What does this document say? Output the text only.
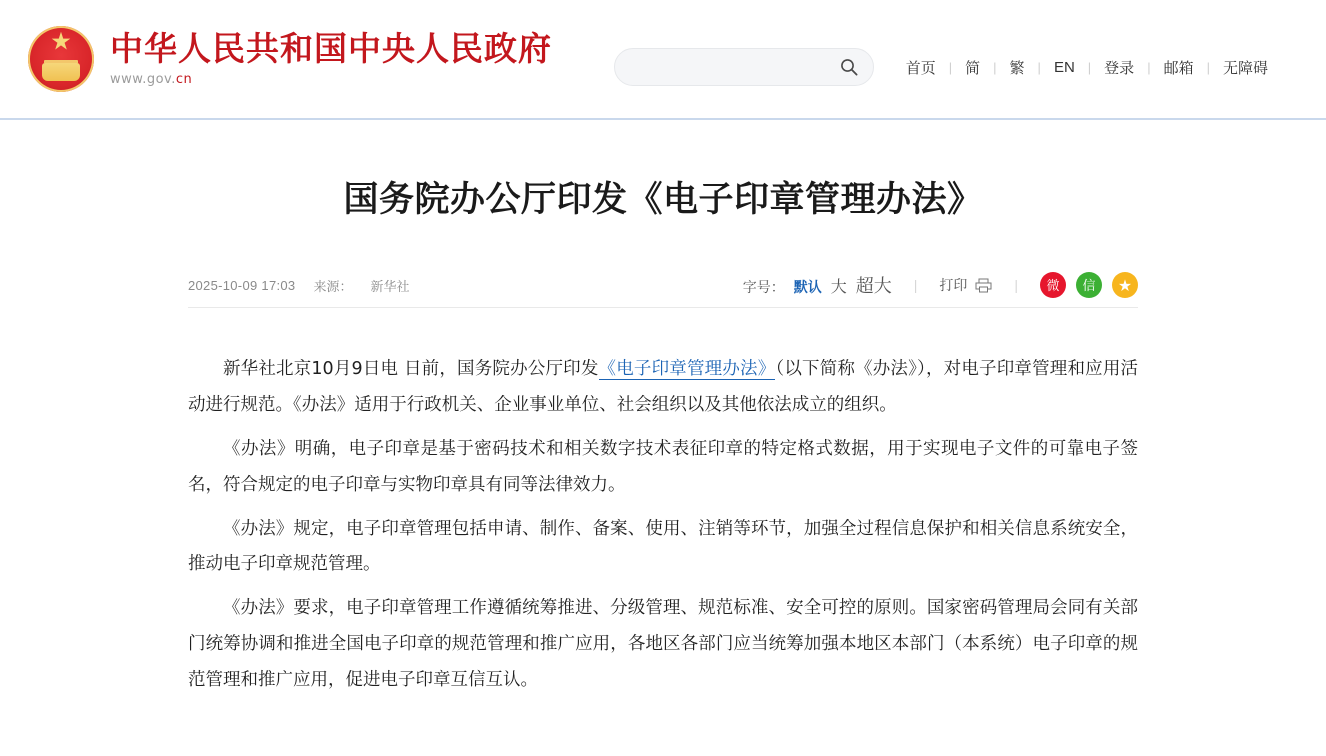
★
中华人民共和国中央人民政府
www.gov.cn
首页 | 简 | 繁 | EN | 登录 | 邮箱 | 无障碍
国务院办公厅印发《电子印章管理办法》
2025-10-09 17:03 来源： 新华社	字号： 默认 大 超大 | 打印	|	微	信	★

新华社北京10月9日电 日前，国务院办公厅印发《电子印章管理办法》（以下简称《办法》），对电子印章管理和应用活动进行规范。《办法》适用于行政机关、企业事业单位、社会组织以及其他依法成立的组织。

《办法》明确，电子印章是基于密码技术和相关数字技术表征印章的特定格式数据，用于实现电子文件的可靠电子签名，符合规定的电子印章与实物印章具有同等法律效力。

《办法》规定，电子印章管理包括申请、制作、备案、使用、注销等环节，加强全过程信息保护和相关信息系统安全，推动电子印章规范管理。

《办法》要求，电子印章管理工作遵循统筹推进、分级管理、规范标准、安全可控的原则。国家密码管理局会同有关部门统筹协调和推进全国电子印章的规范管理和推广应用，各地区各部门应当统筹加强本地区本部门（本系统）电子印章的规范管理和推广应用，促进电子印章互信互认。
